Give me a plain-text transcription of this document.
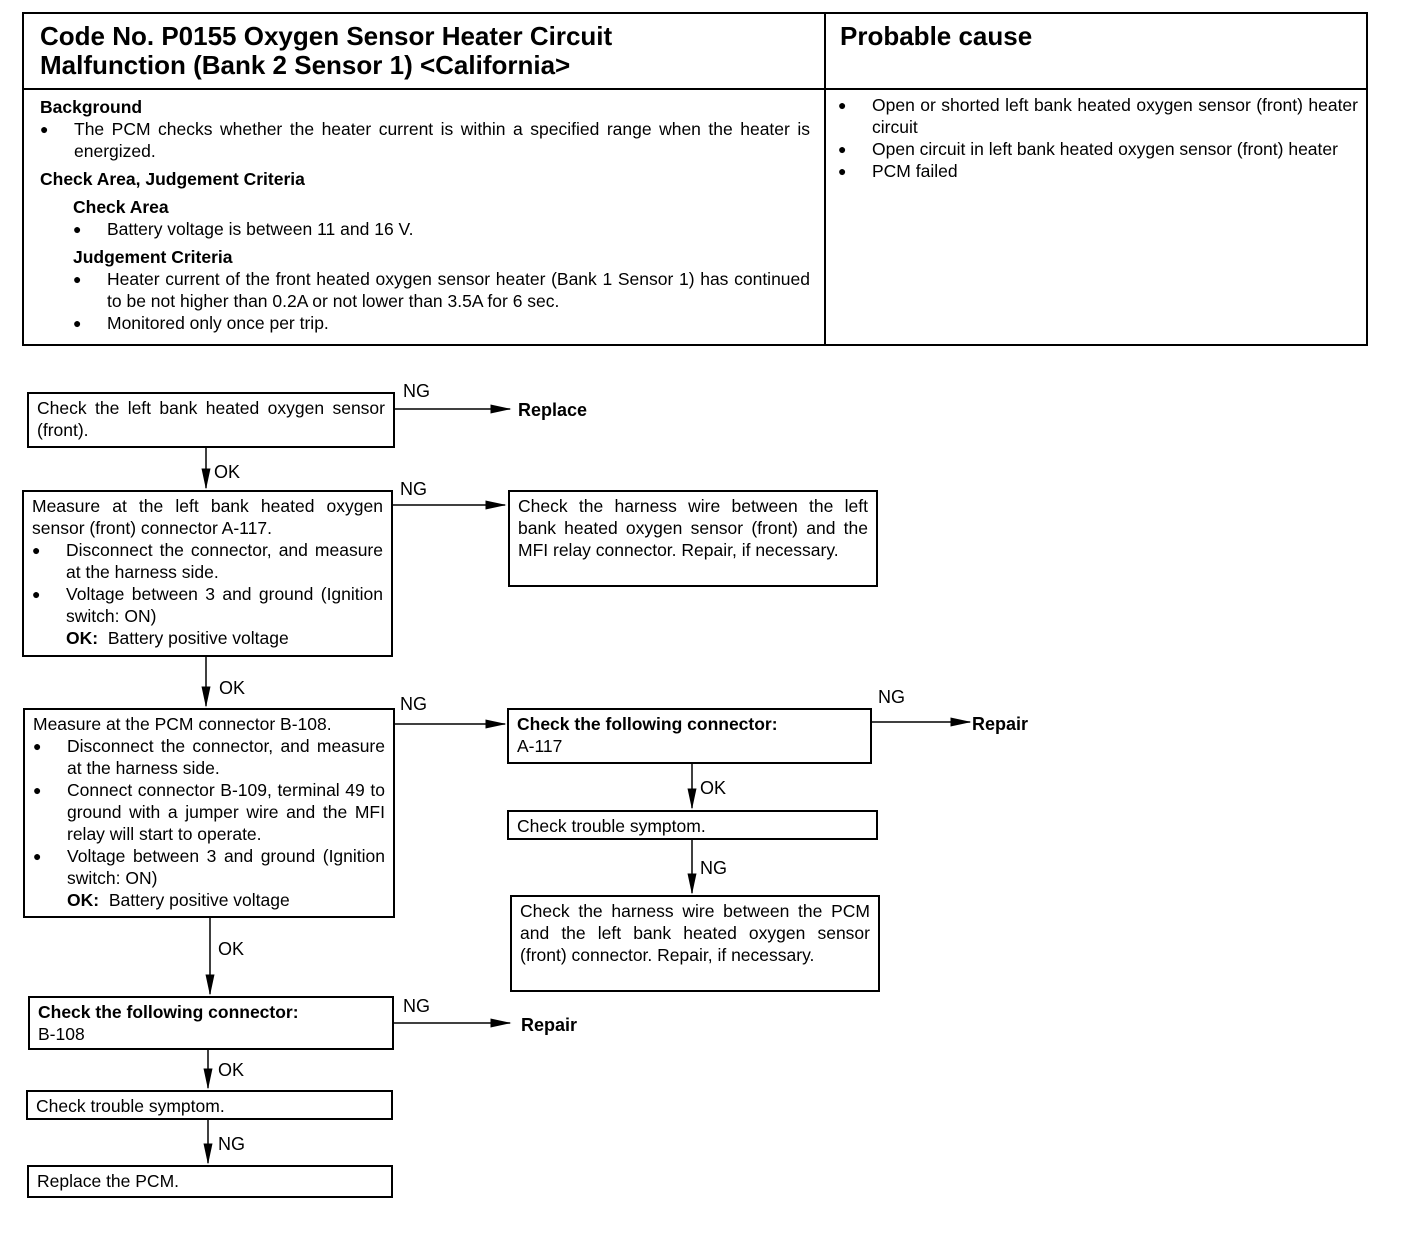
Code No. P0155 Oxygen Sensor Heater Circuit
Malfunction (Bank 2 Sensor 1) <California>
Probable cause
Background
● The PCM checks whether the heater current is within a specified range when the heater is energized.
Check Area, Judgement Criteria
Check Area
● Battery voltage is between 11 and 16 V.
Judgement Criteria
● Heater current of the front heated oxygen sensor heater (Bank 1 Sensor 1) has continued to be not higher than 0.2A or not lower than 3.5A for 6 sec.
● Monitored only once per trip.
● Open or shorted left bank heated oxygen sensor (front) heater circuit
● Open circuit in left bank heated oxygen sensor (front) heater
● PCM failed
Check the left bank heated oxygen sensor (front).
NG
Replace
OK
Measure at the left bank heated oxygen sensor (front) connector A-117.
● Disconnect the connector, and measure at the harness side.
● Voltage between 3 and ground (Ignition switch: ON)
OK: Battery positive voltage
NG
Check the harness wire between the left bank heated oxygen sensor (front) and the MFI relay connector. Repair, if necessary.
OK
Measure at the PCM connector B-108.
● Disconnect the connector, and measure at the harness side.
● Connect connector B-109, terminal 49 to ground with a jumper wire and the MFI relay will start to operate.
● Voltage between 3 and ground (Ignition switch: ON)
OK: Battery positive voltage
NG
Check the following connector:
A-117
NG
Repair
OK
Check trouble symptom.
NG
Check the harness wire between the PCM and the left bank heated oxygen sensor (front) connector. Repair, if necessary.
OK
Check the following connector:
B-108
NG
Repair
OK
Check trouble symptom.
NG
Replace the PCM.
